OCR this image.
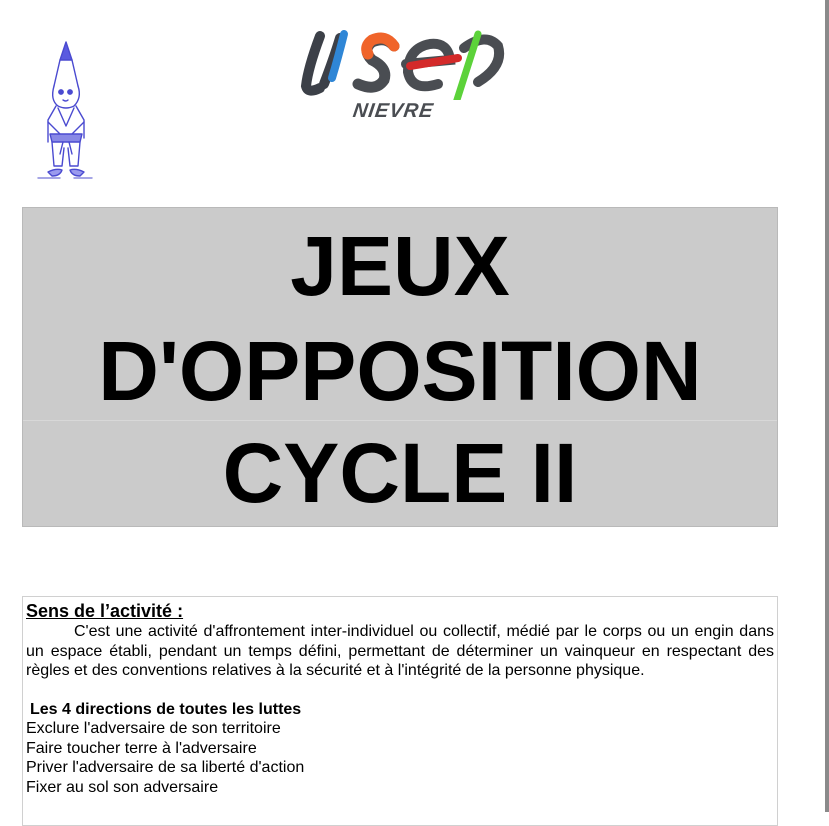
NIEVRE
JEUX
D'OPPOSITION
CYCLE II

Sens de l’activité :

C'est une activité d'affrontement inter-individuel ou collectif, médié par le corps ou un engin dans un espace établi, pendant un temps défini, permettant de déterminer un vainqueur en respectant des règles et des conventions relatives à la sécurité et à l'intégrité de la personne physique.

Les 4 directions de toutes les luttes

Exclure l'adversaire de son territoire

Faire toucher terre à l'adversaire

Priver l'adversaire de sa liberté d'action

Fixer au sol son adversaire
